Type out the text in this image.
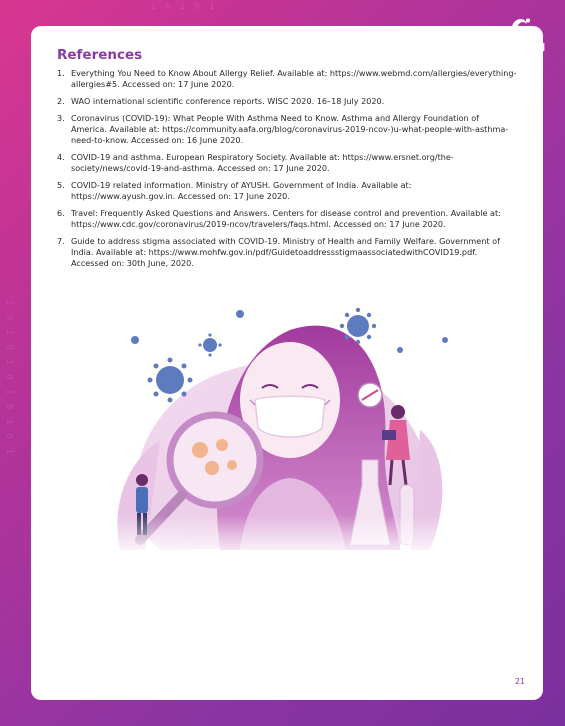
1 0 1 0 1
1 0 1 0 1 0 1 0 1 0 1
SANOFI
References
1. Everything You Need to Know About Allergy Relief. Available at: https://www.webmd.com/allergies/everything-allergies#5. Accessed on: 17 June 2020.
2. WAO international scientific conference reports. WISC 2020. 16–18 July 2020.
3. Coronavirus (COVID-19): What People With Asthma Need to Know. Asthma and Allergy Foundation of America. Available at: https://community.aafa.org/blog/coronavirus-2019-ncov-)u-what-people-with-asthma-need-to-know. Accessed on: 16 June 2020.
4. COVID-19 and asthma. European Respiratory Society. Available at: https://www.ersnet.org/the-society/news/covid-19-and-asthma. Accessed on: 17 June 2020.
5. COVID-19 related information. Ministry of AYUSH. Government of India. Available at: https://www.ayush.gov.in. Accessed on: 17 June 2020.
6. Travel: Frequently Asked Questions and Answers. Centers for disease control and prevention. Available at: https://www.cdc.gov/coronavirus/2019-ncov/travelers/faqs.html. Accessed on: 17 June 2020.
7. Guide to address stigma associated with COVID-19. Ministry of Health and Family Welfare. Government of India. Available at: https://www.mohfw.gov.in/pdf/GuidetoaddressstigmaassociatedwithCOVID19.pdf. Accessed on: 30th June, 2020.
21
